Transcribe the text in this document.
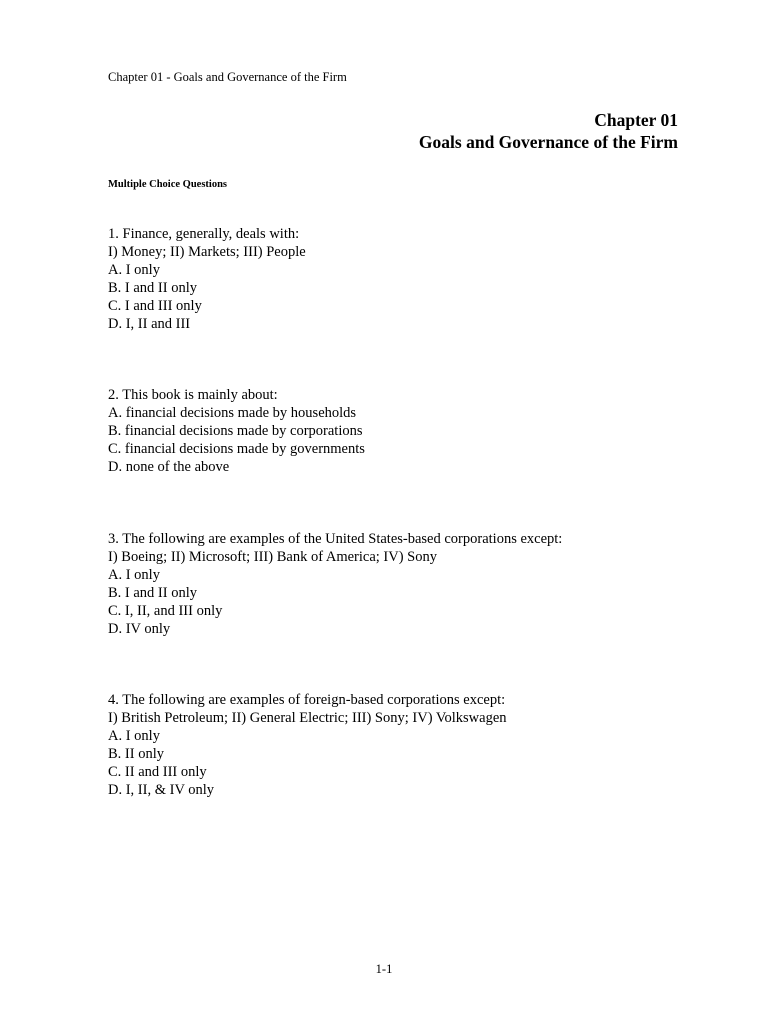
Chapter 01 - Goals and Governance of the Firm
Chapter 01
Goals and Governance of the Firm
Multiple Choice Questions
1. Finance, generally, deals with:
I) Money; II) Markets; III) People
A. I only
B. I and II only
C. I and III only
D. I, II and III
2. This book is mainly about:
A. financial decisions made by households
B. financial decisions made by corporations
C. financial decisions made by governments
D. none of the above
3. The following are examples of the United States-based corporations except:
I) Boeing; II) Microsoft; III) Bank of America; IV) Sony
A. I only
B. I and II only
C. I, II, and III only
D. IV only
4. The following are examples of foreign-based corporations except:
I) British Petroleum; II) General Electric; III) Sony; IV) Volkswagen
A. I only
B. II only
C. II and III only
D. I, II, & IV only
1-1
